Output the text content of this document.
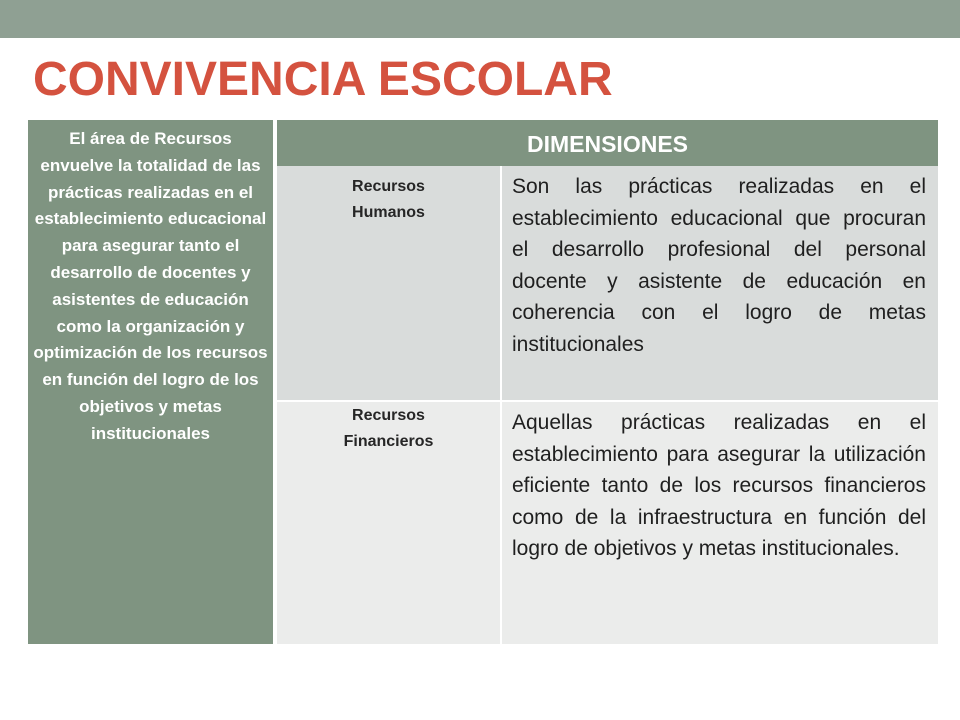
CONVIVENCIA ESCOLAR
El área de Recursos envuelve la totalidad de las prácticas realizadas en el establecimiento educacional para asegurar tanto el desarrollo de docentes y asistentes de educación como la organización y optimización de los recursos en función del logro de los objetivos y metas institucionales
DIMENSIONES
Recursos Humanos
Son las prácticas realizadas en el establecimiento educacional que procuran el desarrollo profesional del personal docente y asistente de educación en coherencia con el logro de metas institucionales
Recursos Financieros
Aquellas prácticas realizadas en el establecimiento para asegurar la utilización eficiente tanto de los recursos financieros como de la infraestructura en función del logro de objetivos y metas institucionales.
